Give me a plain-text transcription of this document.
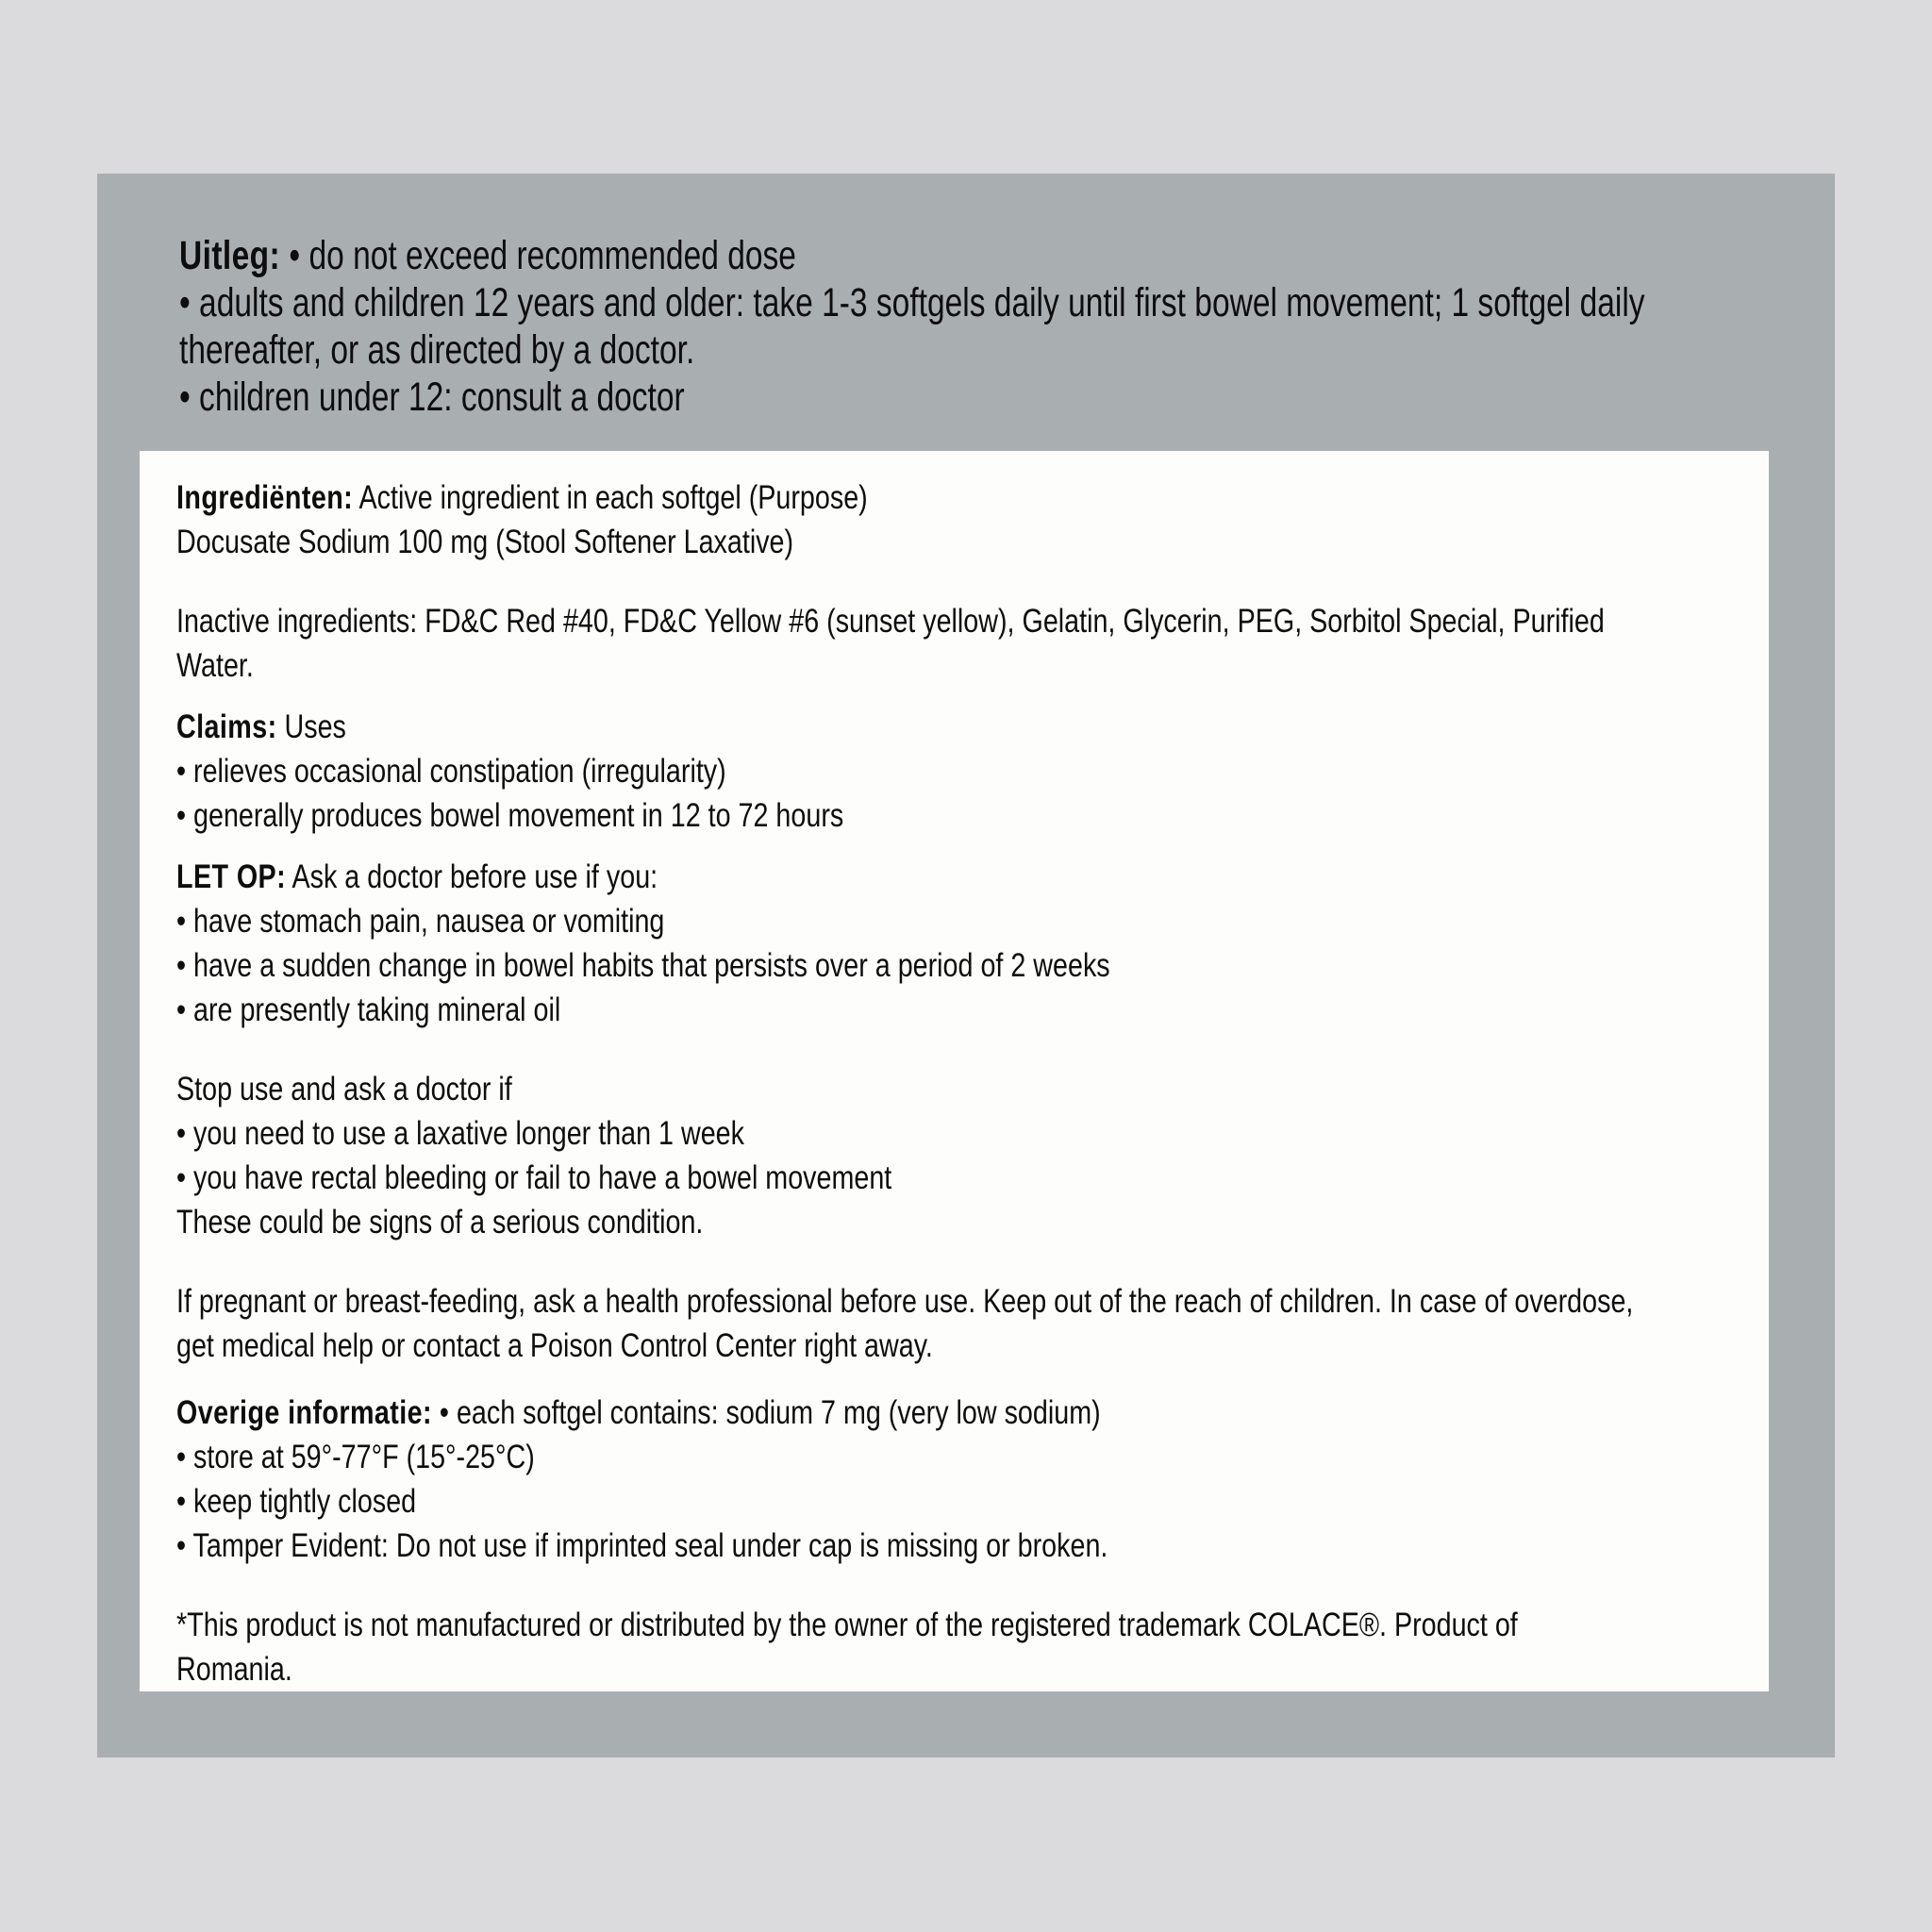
Uitleg: • do not exceed recommended dose
• adults and children 12 years and older: take 1-3 softgels daily until first bowel movement; 1 softgel daily
thereafter, or as directed by a doctor.
• children under 12: consult a doctor
Ingrediënten: Active ingredient in each softgel (Purpose)
Docusate Sodium 100 mg (Stool Softener Laxative)
Inactive ingredients: FD&C Red #40, FD&C Yellow #6 (sunset yellow), Gelatin, Glycerin, PEG, Sorbitol Special, Purified
Water.
Claims: Uses
• relieves occasional constipation (irregularity)
• generally produces bowel movement in 12 to 72 hours
LET OP: Ask a doctor before use if you:
• have stomach pain, nausea or vomiting
• have a sudden change in bowel habits that persists over a period of 2 weeks
• are presently taking mineral oil
Stop use and ask a doctor if
• you need to use a laxative longer than 1 week
• you have rectal bleeding or fail to have a bowel movement
These could be signs of a serious condition.
If pregnant or breast-feeding, ask a health professional before use. Keep out of the reach of children. In case of overdose,
get medical help or contact a Poison Control Center right away.
Overige informatie: • each softgel contains: sodium 7 mg (very low sodium)
• store at 59°-77°F (15°-25°C)
• keep tightly closed
• Tamper Evident: Do not use if imprinted seal under cap is missing or broken.
*This product is not manufactured or distributed by the owner of the registered trademark COLACE®. Product of
Romania.
